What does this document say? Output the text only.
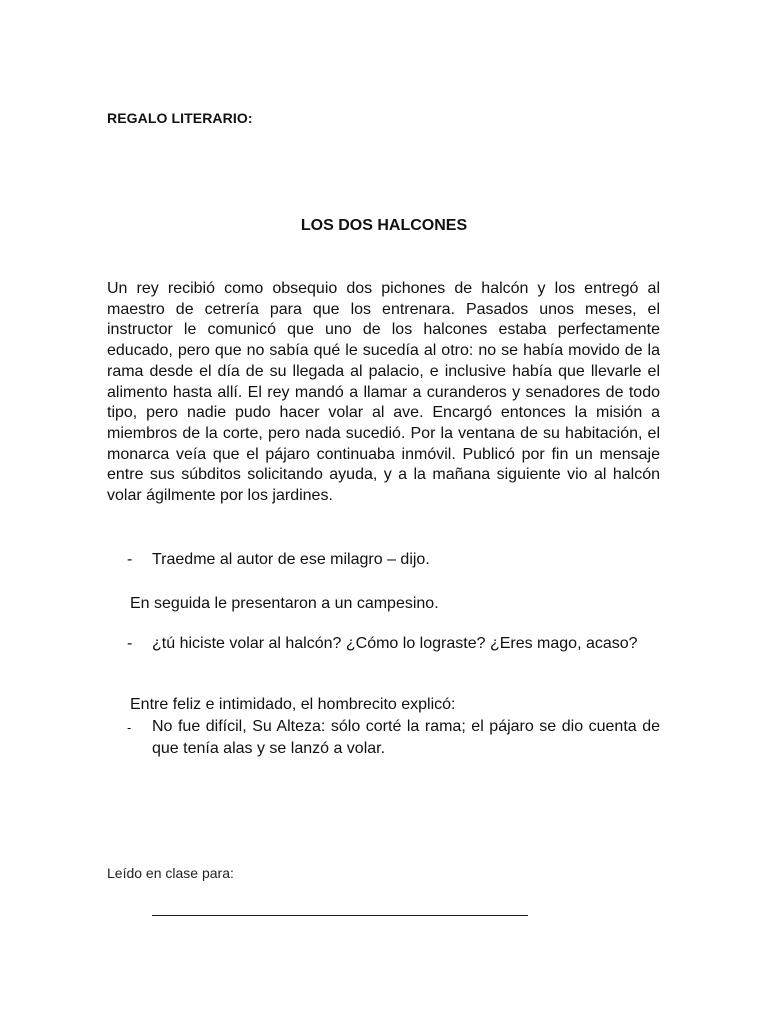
REGALO LITERARIO:
LOS DOS HALCONES
Un rey recibió como obsequio dos pichones de halcón y los entregó al maestro de cetrería para que los entrenara. Pasados unos meses, el instructor le comunicó que uno de los halcones estaba perfectamente educado, pero que no sabía qué le sucedía al otro: no se había movido de la rama desde el día de su llegada al palacio, e inclusive había que llevarle el alimento hasta allí. El rey mandó a llamar a curanderos y senadores de todo tipo, pero nadie pudo hacer volar al ave. Encargó entonces la misión a miembros de la corte, pero nada sucedió. Por la ventana de su habitación, el monarca veía que el pájaro continuaba inmóvil. Publicó por fin un mensaje entre sus súbditos solicitando ayuda, y a la mañana siguiente vio al halcón volar ágilmente por los jardines.
- Traedme al autor de ese milagro – dijo.
En seguida le presentaron a un campesino.
- ¿tú hiciste volar al halcón? ¿Cómo lo lograste? ¿Eres mago, acaso?
Entre feliz e intimidado, el hombrecito explicó:
- No fue difícil, Su Alteza: sólo corté la rama; el pájaro se dio cuenta de que tenía alas y se lanzó a volar.
Leído en clase para:
